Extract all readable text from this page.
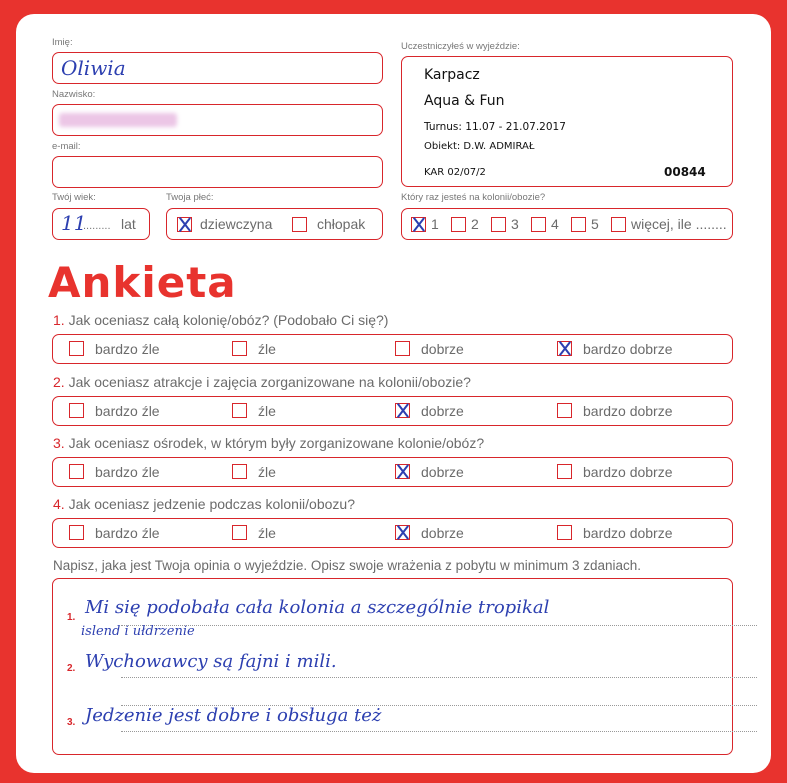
Imię:
Oliwia
Nazwisko:
e-mail:
Twój wiek:
11
......... lat
Twoja płeć:
dziewczyna	chłopak
Uczestniczyłeś w wyjeździe:
Karpacz
Aqua & Fun
Turnus: 11.07 - 21.07.2017
Obiekt: D.W. ADMIRAŁ
KAR 02/07/2	00844
Który raz jesteś na kolonii/obozie?
1 2 3 4 5 więcej, ile ........
Ankieta
1. Jak oceniasz całą kolonię/obóz? (Podobało Ci się?)
bardzo źle	źle	dobrze	bardzo dobrze
2. Jak oceniasz atrakcje i zajęcia zorganizowane na kolonii/obozie?
bardzo źle	źle	dobrze	bardzo dobrze
3. Jak oceniasz ośrodek, w którym były zorganizowane kolonie/obóz?
bardzo źle	źle	dobrze	bardzo dobrze
4. Jak oceniasz jedzenie podczas kolonii/obozu?
bardzo źle	źle	dobrze	bardzo dobrze
Napisz, jaka jest Twoja opinia o wyjeździe. Opisz swoje wrażenia z pobytu w minimum 3 zdaniach.
1.
2.
3.
Mi się podobała cała kolonia a szczególnie tropikal
islend i ułdrzenie
Wychowawcy są fajni i mili.
Jedzenie jest dobre i obsługa też
